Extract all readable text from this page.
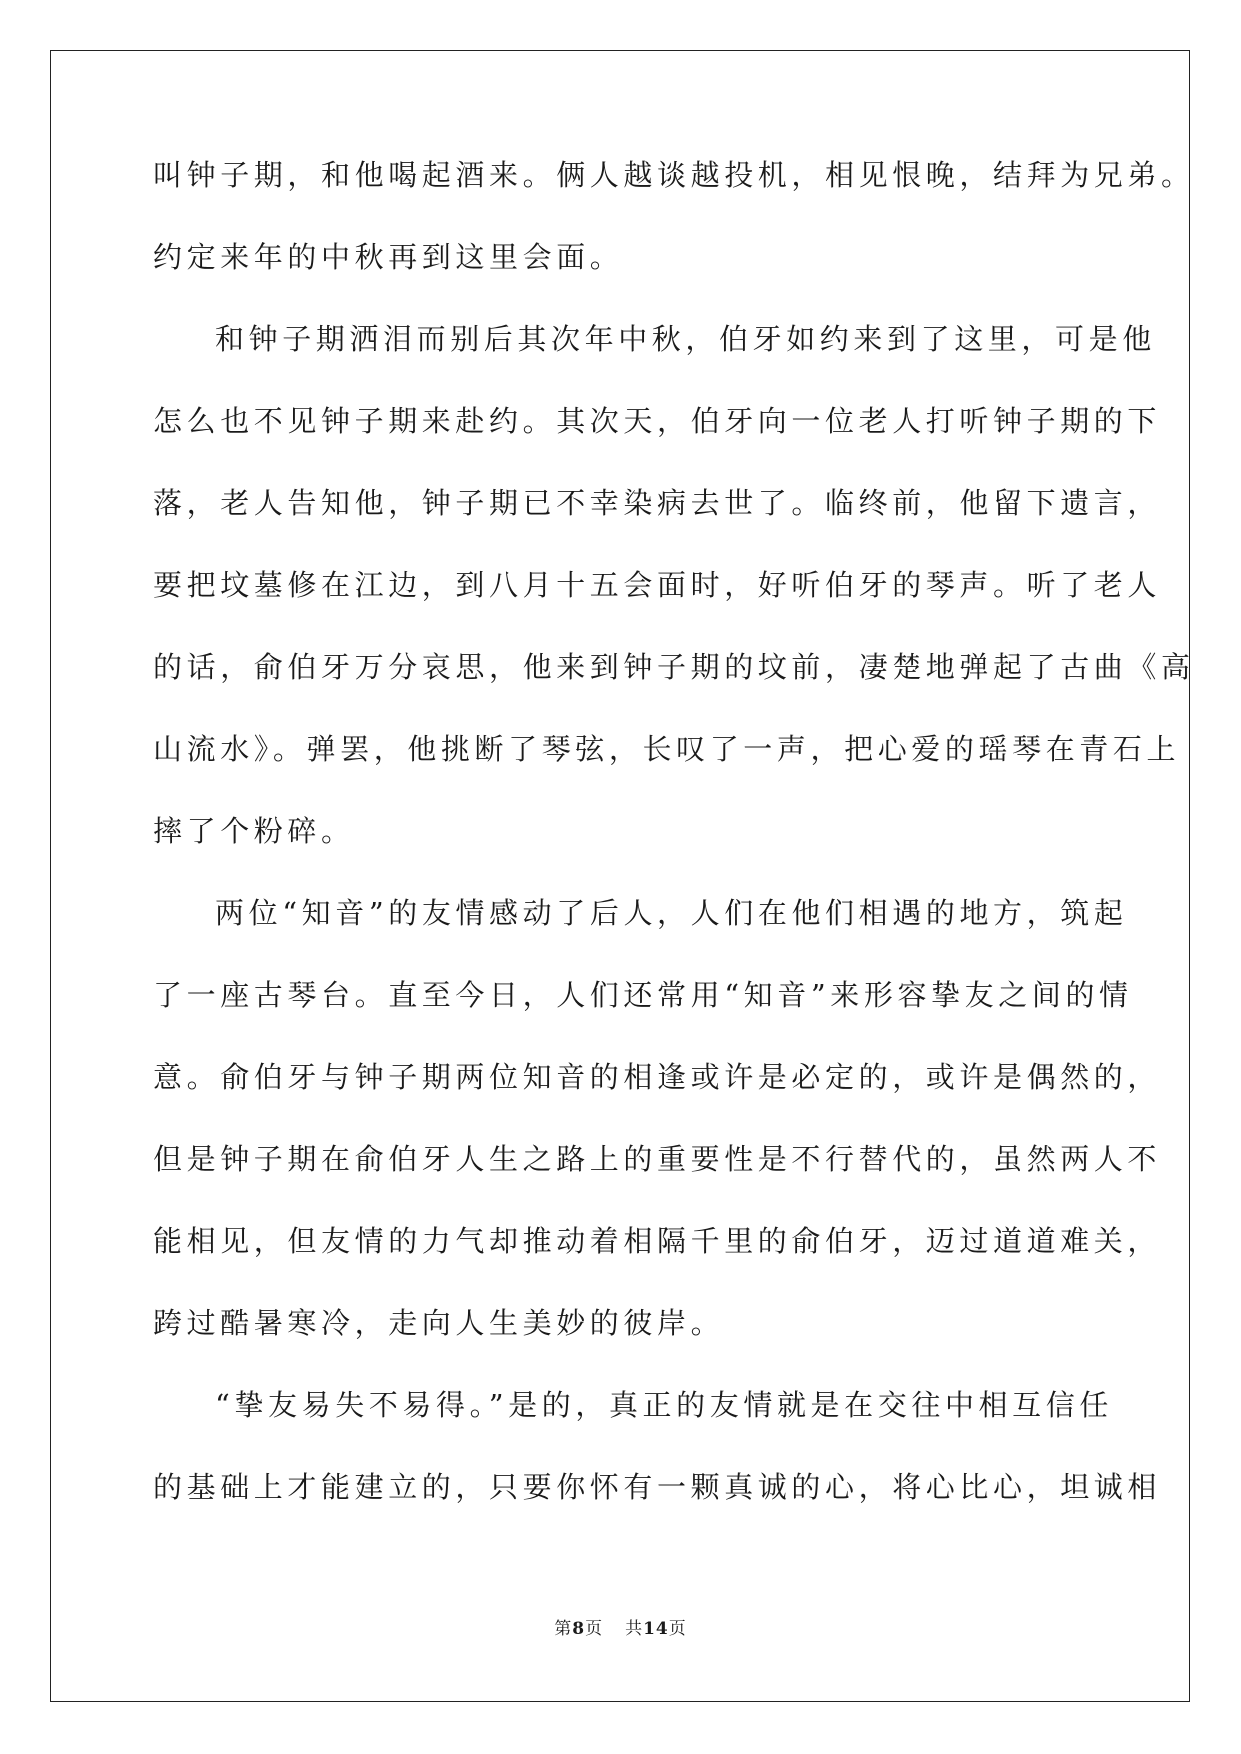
叫钟子期，和他喝起酒来。俩人越谈越投机，相见恨晚，结拜为兄弟。
约定来年的中秋再到这里会面。
和钟子期洒泪而别后其次年中秋，伯牙如约来到了这里，可是他
怎么也不见钟子期来赴约。其次天，伯牙向一位老人打听钟子期的下
落，老人告知他，钟子期已不幸染病去世了。临终前，他留下遗言，
要把坟墓修在江边，到八月十五会面时，好听伯牙的琴声。听了老人
的话，俞伯牙万分哀思，他来到钟子期的坟前，凄楚地弹起了古曲《高
山流水》。弹罢，他挑断了琴弦，长叹了一声，把心爱的瑶琴在青石上
摔了个粉碎。
两位“知音”的友情感动了后人，人们在他们相遇的地方，筑起
了一座古琴台。直至今日，人们还常用“知音”来形容挚友之间的情
意。俞伯牙与钟子期两位知音的相逢或许是必定的，或许是偶然的，
但是钟子期在俞伯牙人生之路上的重要性是不行替代的，虽然两人不
能相见，但友情的力气却推动着相隔千里的俞伯牙，迈过道道难关，
跨过酷暑寒冷，走向人生美妙的彼岸。
“挚友易失不易得。”是的，真正的友情就是在交往中相互信任
的基础上才能建立的，只要你怀有一颗真诚的心，将心比心，坦诚相
第8页 共14页
